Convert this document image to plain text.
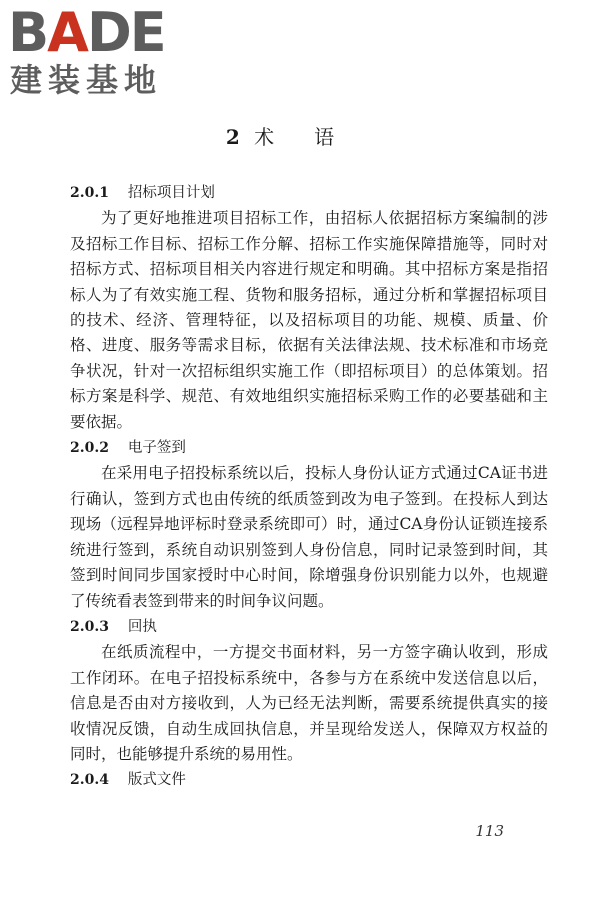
BADE
建装基地
2 术语

2.0.1 招标项目计划

为了更好地推进项目招标工作，由招标人依据招标方案编制的涉及招标工作目标、招标工作分解、招标工作实施保障措施等，同时对招标方式、招标项目相关内容进行规定和明确。其中招标方案是指招标人为了有效实施工程、货物和服务招标，通过分析和掌握招标项目的技术、经济、管理特征，以及招标项目的功能、规模、质量、价格、进度、服务等需求目标，依据有关法律法规、技术标准和市场竞争状况，针对一次招标组织实施工作（即招标项目）的总体策划。招标方案是科学、规范、有效地组织实施招标采购工作的必要基础和主要依据。

2.0.2 电子签到

在采用电子招投标系统以后，投标人身份认证方式通过CA证书进行确认，签到方式也由传统的纸质签到改为电子签到。在投标人到达现场（远程异地评标时登录系统即可）时，通过CA身份认证锁连接系统进行签到，系统自动识别签到人身份信息，同时记录签到时间，其签到时间同步国家授时中心时间，除增强身份识别能力以外，也规避了传统看表签到带来的时间争议问题。

2.0.3 回执

在纸质流程中，一方提交书面材料，另一方签字确认收到，形成工作闭环。在电子招投标系统中，各参与方在系统中发送信息以后，信息是否由对方接收到，人为已经无法判断，需要系统提供真实的接收情况反馈，自动生成回执信息，并呈现给发送人，保障双方权益的同时，也能够提升系统的易用性。

2.0.4 版式文件

113
